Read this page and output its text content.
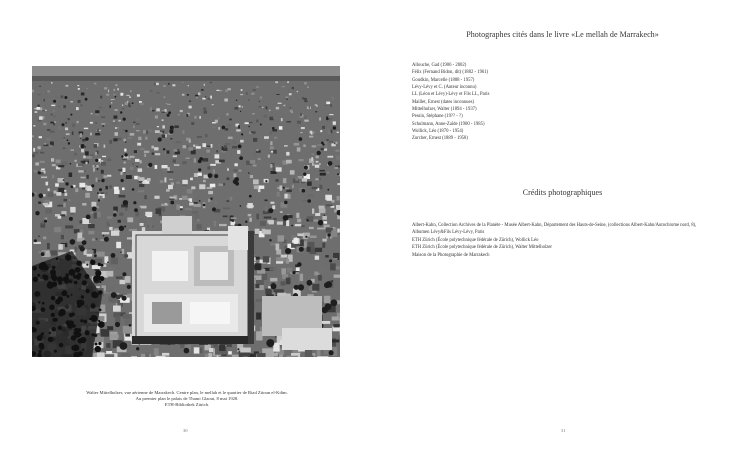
Walter Mittelholzer, vue aérienne de Marrakech. Centre plan, le mellah et le quartier de Riad Zitoun el-Kdim.
Au premier plan le palais de Thami Glaoui, 8 mai 1928.
ETH-Bibliothek Zürich.
30
Photographes cités dans le livre «Le mellah de Marrakech»
Allouche, Gad (1906 - 2002)
Félix (Fernand Bidon, dit) (1882 - 1961)
Goudkin, Marcelle (1888 - 1957)
Lévy-Lévy et C. (Auteur inconnu)
LL (Léon et Lévy)-Lévy et Fils LL, Paris
Maillet, Ernest (dates inconnues)
Mittelholzer, Walter (1894 - 1937)
Pessin, Stéphane (19?? - ?)
Schulmann, Anne-Zaïde (1900 - 1985)
Wollick, Léo (1870 - 1954)
Zurcher, Ernest (1889 - 1958)
Crédits photographiques

Albert-Kahn, Collection Archives de la Planète - Musée Albert-Kahn, Département des Hauts-de-Seine, (collections Albert-Kahn/Autochrome nord, 8),

Albumen Lévy&Fils Lévy-Lévy, Paris

ETH Zürich (École polytechnique fédérale de Zürich), Wollick Léo

ETH Zürich (École polytechnique fédérale de Zürich), Walter Mittelholzer

Maison de la Photographie de Marrakech

31
